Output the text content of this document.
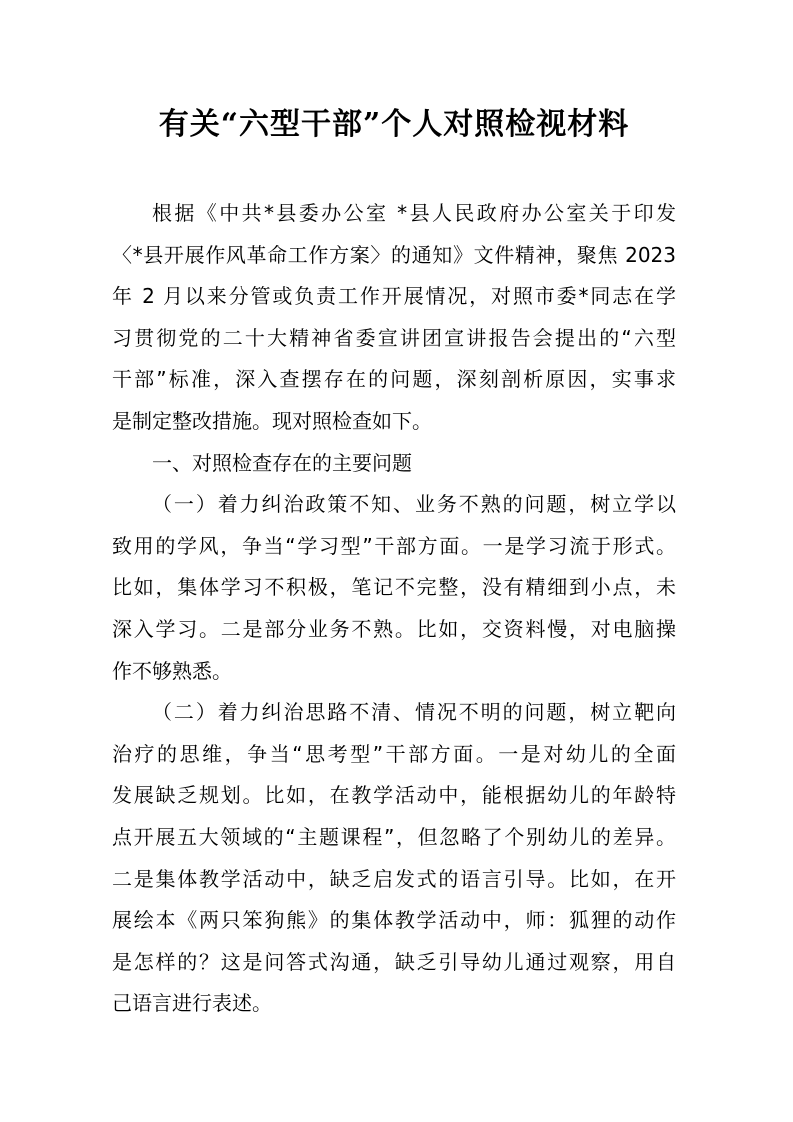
有关“六型干部”个人对照检视材料
根据《中共*县委办公室 *县人民政府办公室关于印发
〈*县开展作风革命工作方案〉的通知》文件精神，聚焦 2023
年 2 月以来分管或负责工作开展情况，对照市委*同志在学
习贯彻党的二十大精神省委宣讲团宣讲报告会提出的“六型
干部”标准，深入查摆存在的问题，深刻剖析原因，实事求
是制定整改措施。现对照检查如下。
一、对照检查存在的主要问题
（一）着力纠治政策不知、业务不熟的问题，树立学以
致用的学风，争当“学习型”干部方面。一是学习流于形式。
比如，集体学习不积极，笔记不完整，没有精细到小点，未
深入学习。二是部分业务不熟。比如，交资料慢，对电脑操
作不够熟悉。
（二）着力纠治思路不清、情况不明的问题，树立靶向
治疗的思维，争当“思考型”干部方面。一是对幼儿的全面
发展缺乏规划。比如，在教学活动中，能根据幼儿的年龄特
点开展五大领域的“主题课程”，但忽略了个别幼儿的差异。
二是集体教学活动中，缺乏启发式的语言引导。比如，在开
展绘本《两只笨狗熊》的集体教学活动中，师：狐狸的动作
是怎样的？这是问答式沟通，缺乏引导幼儿通过观察，用自
己语言进行表述。
